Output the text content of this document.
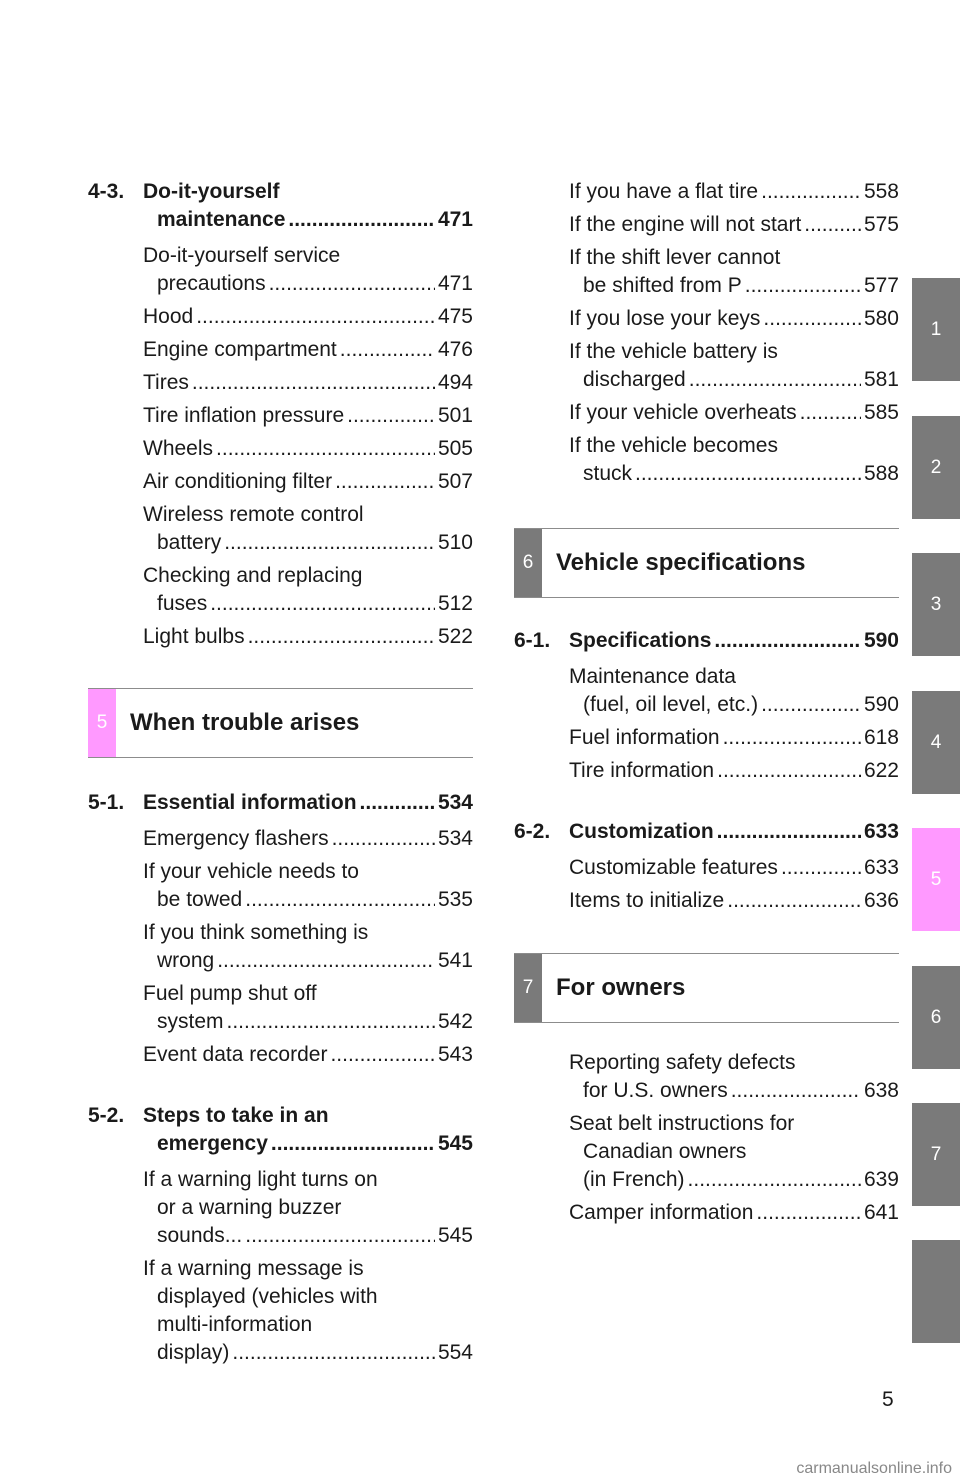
1
2
3
4
5
6
7
4-3. Do-it-yourself
maintenance .....	471
Do-it-yourself service
precautions .....	471
Hood .....	475
Engine compartment .....	476
Tires .....	494
Tire inflation pressure .....	501
Wheels .....	505
Air conditioning filter .....	507
Wireless remote control
battery .....	510
Checking and replacing
fuses .....	512
Light bulbs .....	522
5 When trouble arises
5-1. Essential information .....	534
Emergency flashers .....	534
If your vehicle needs to
be towed .....	535
If you think something is
wrong .....	541
Fuel pump shut off
system .....	542
Event data recorder .....	543
5-2. Steps to take in an
emergency .....	545
If a warning light turns on
or a warning buzzer
sounds... .....	545
If a warning message is
displayed (vehicles with
multi-information
display) .....	554
If you have a flat tire .....	558
If the engine will not start .....	575
If the shift lever cannot
be shifted from P .....	577
If you lose your keys .....	580
If the vehicle battery is
discharged .....	581
If your vehicle overheats .....	585
If the vehicle becomes
stuck .....	588
6 Vehicle specifications
6-1. Specifications .....	590
Maintenance data
(fuel, oil level, etc.) .....	590
Fuel information .....	618
Tire information .....	622
6-2. Customization .....	633
Customizable features .....	633
Items to initialize .....	636
7 For owners
Reporting safety defects
for U.S. owners .....	638
Seat belt instructions for
Canadian owners
(in French) .....	639
Camper information .....	641
5
carmanualsonline.info
